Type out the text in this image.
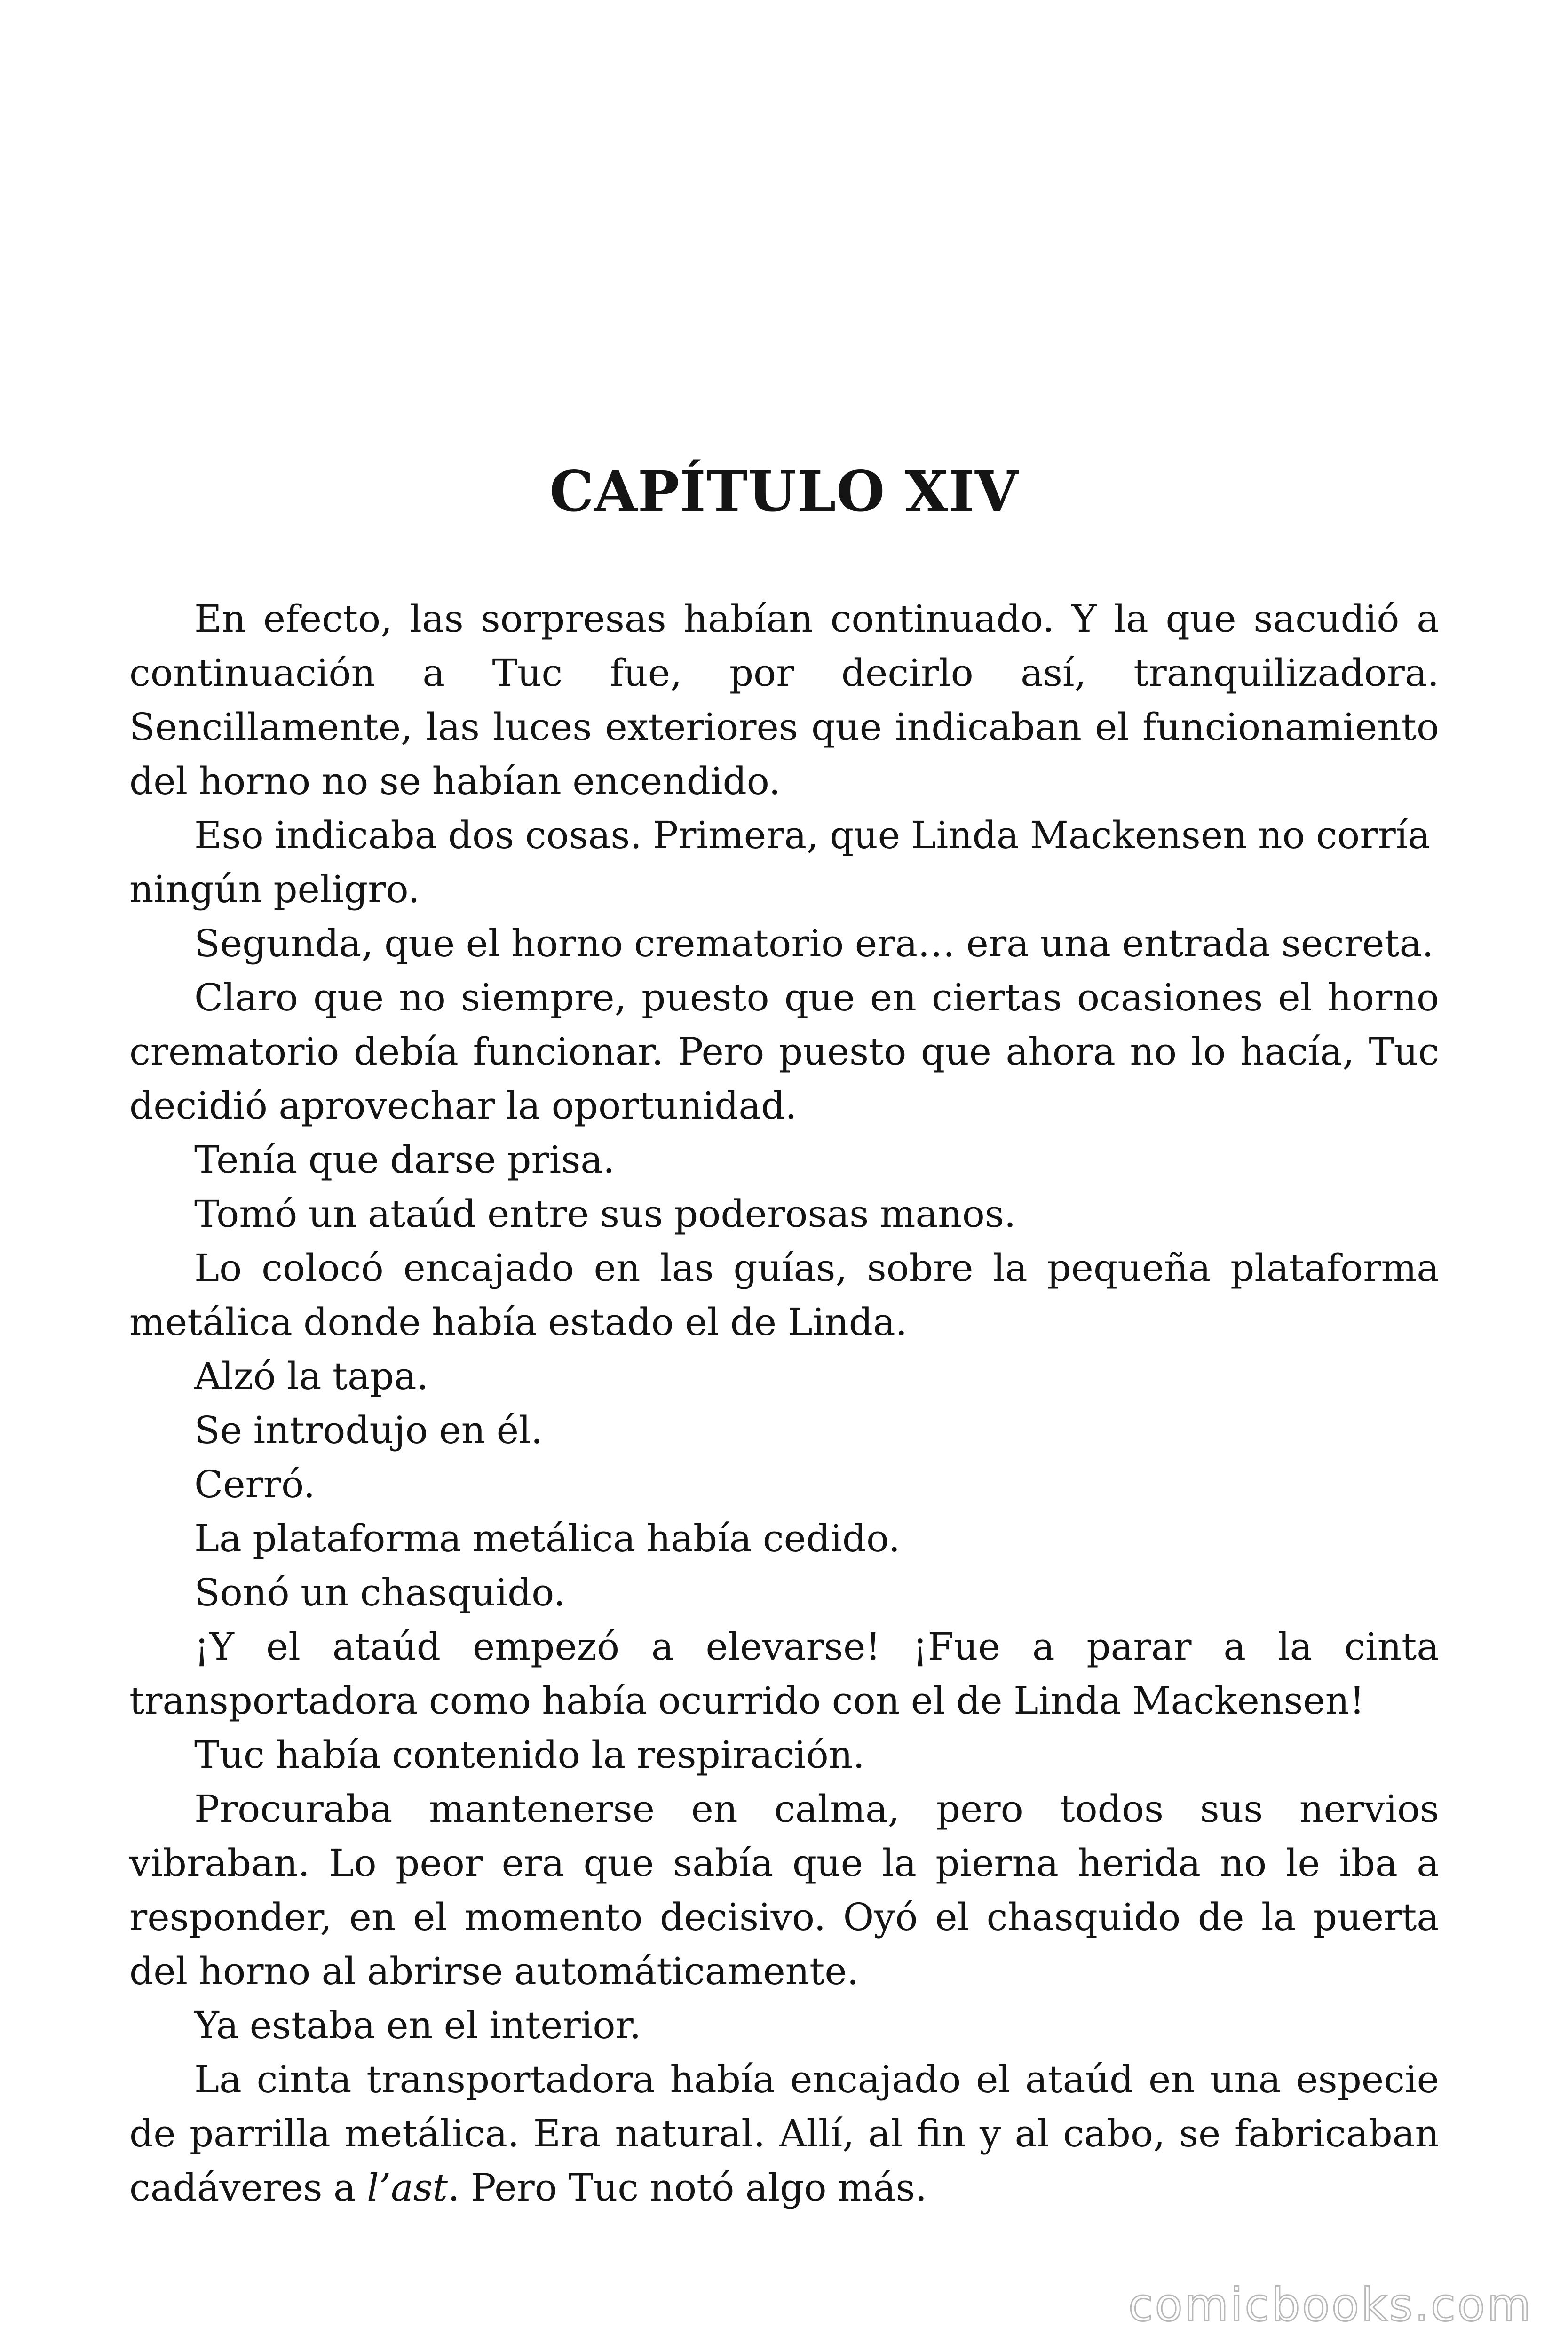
CAPÍTULO XIV

En efecto, las sorpresas habían continuado. Y la que sacudió a continuación a Tuc fue, por decirlo así, tranquilizadora. Sencillamente, las luces exteriores que indicaban el funcionamiento del horno no se habían encendido.

Eso indicaba dos cosas. Primera, que Linda Mackensen no corría ningún peligro.

Segunda, que el horno crematorio era… era una entrada secreta.

Claro que no siempre, puesto que en ciertas ocasiones el horno crematorio debía funcionar. Pero puesto que ahora no lo hacía, Tuc decidió aprovechar la oportunidad.

Tenía que darse prisa.

Tomó un ataúd entre sus poderosas manos.

Lo colocó encajado en las guías, sobre la pequeña plataforma metálica donde había estado el de Linda.

Alzó la tapa.

Se introdujo en él.

Cerró.

La plataforma metálica había cedido.

Sonó un chasquido.

¡Y el ataúd empezó a elevarse! ¡Fue a parar a la cinta transportadora como había ocurrido con el de Linda Mackensen!

Tuc había contenido la respiración.

Procuraba mantenerse en calma, pero todos sus nervios vibraban. Lo peor era que sabía que la pierna herida no le iba a responder, en el momento decisivo. Oyó el chasquido de la puerta del horno al abrirse automáticamente.

Ya estaba en el interior.

La cinta transportadora había encajado el ataúd en una especie de parrilla metálica. Era natural. Allí, al fin y al cabo, se fabricaban cadáveres a l’ast. Pero Tuc notó algo más.

comicbooks.com
